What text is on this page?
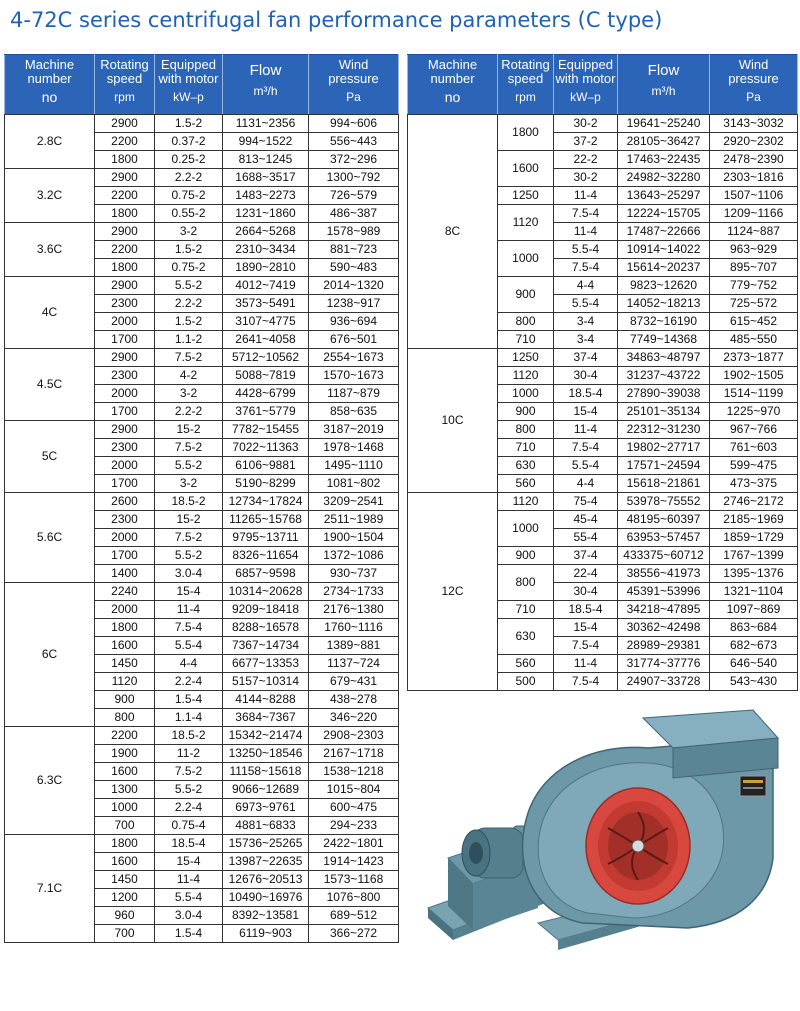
4-72C series centrifugal fan performance parameters (C type)
Machine
number
no	Rotating
speed
rpm	Equipped
with motor
kW–p	Flow
m³/h	Wind
pressure
Pa

2.8C	2900	1.5-2	1131~2356	994~606
	2200	0.37-2	994~1522	556~443
	1800	0.25-2	813~1245	372~296
3.2C	2900	2.2-2	1688~3517	1300~792
	2200	0.75-2	1483~2273	726~579
	1800	0.55-2	1231~1860	486~387
3.6C	2900	3-2	2664~5268	1578~989
	2200	1.5-2	2310~3434	881~723
	1800	0.75-2	1890~2810	590~483
4C	2900	5.5-2	4012~7419	2014~1320
	2300	2.2-2	3573~5491	1238~917
	2000	1.5-2	3107~4775	936~694
	1700	1.1-2	2641~4058	676~501
4.5C	2900	7.5-2	5712~10562	2554~1673
	2300	4-2	5088~7819	1570~1673
	2000	3-2	4428~6799	1187~879
	1700	2.2-2	3761~5779	858~635
5C	2900	15-2	7782~15455	3187~2019
	2300	7.5-2	7022~11363	1978~1468
	2000	5.5-2	6106~9881	1495~1110
	1700	3-2	5190~8299	1081~802
5.6C	2600	18.5-2	12734~17824	3209~2541
	2300	15-2	11265~15768	2511~1989
	2000	7.5-2	9795~13711	1900~1504
	1700	5.5-2	8326~11654	1372~1086
	1400	3.0-4	6857~9598	930~737
6C	2240	15-4	10314~20628	2734~1733
	2000	11-4	9209~18418	2176~1380
	1800	7.5-4	8288~16578	1760~1116
	1600	5.5-4	7367~14734	1389~881
	1450	4-4	6677~13353	1137~724
	1120	2.2-4	5157~10314	679~431
	900	1.5-4	4144~8288	438~278
	800	1.1-4	3684~7367	346~220
6.3C	2200	18.5-2	15342~21474	2908~2303
	1900	11-2	13250~18546	2167~1718
	1600	7.5-2	11158~15618	1538~1218
	1300	5.5-2	9066~12689	1015~804
	1000	2.2-4	6973~9761	600~475
	700	0.75-4	4881~6833	294~233
7.1C	1800	18.5-4	15736~25265	2422~1801
	1600	15-4	13987~22635	1914~1423
	1450	11-4	12676~20513	1573~1168
	1200	5.5-4	10490~16976	1076~800
	960	3.0-4	8392~13581	689~512
	700	1.5-4	6119~903	366~272
Machine
number
no	Rotating
speed
rpm	Equipped
with motor
kW–p	Flow
m³/h	Wind
pressure
Pa

8C	1800	30-2	19641~25240	3143~3032
		37-2	28105~36427	2920~2302
	1600	22-2	17463~22435	2478~2390
		30-2	24982~32280	2303~1816
	1250	11-4	13643~25297	1507~1106
	1120	7.5-4	12224~15705	1209~1166
		11-4	17487~22666	1124~887
	1000	5.5-4	10914~14022	963~929
		7.5-4	15614~20237	895~707
	900	4-4	9823~12620	779~752
		5.5-4	14052~18213	725~572
	800	3-4	8732~16190	615~452
	710	3-4	7749~14368	485~550
10C	1250	37-4	34863~48797	2373~1877
	1120	30-4	31237~43722	1902~1505
	1000	18.5-4	27890~39038	1514~1199
	900	15-4	25101~35134	1225~970
	800	11-4	22312~31230	967~766
	710	7.5-4	19802~27717	761~603
	630	5.5-4	17571~24594	599~475
	560	4-4	15618~21861	473~375
12C	1120	75-4	53978~75552	2746~2172
	1000	45-4	48195~60397	2185~1969
		55-4	63953~57457	1859~1729
	900	37-4	433375~60712	1767~1399
	800	22-4	38556~41973	1395~1376
		30-4	45391~53996	1321~1104
	710	18.5-4	34218~47895	1097~869
	630	15-4	30362~42498	863~684
		7.5-4	28989~29381	682~673
	560	11-4	31774~37776	646~540
	500	7.5-4	24907~33728	543~430
